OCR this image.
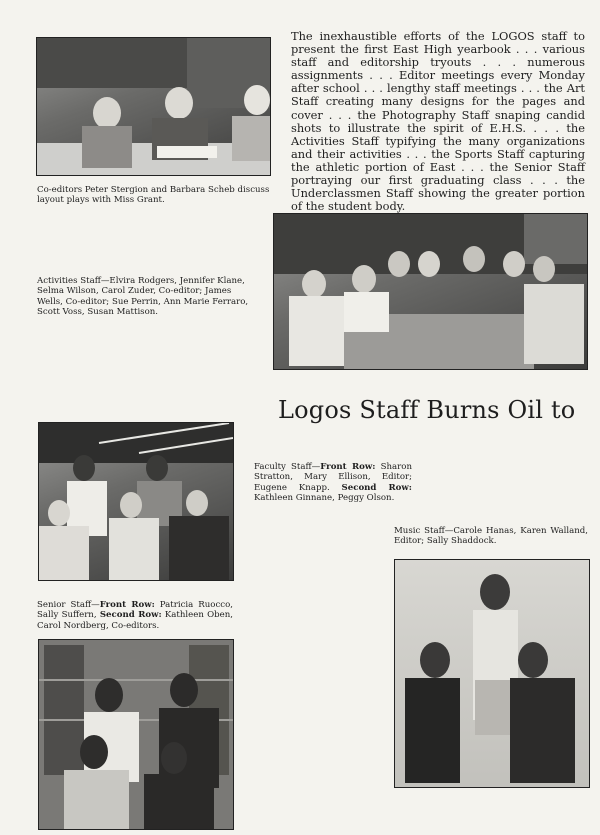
The inexhaustible efforts of the LOGOS staff to present the first East High yearbook . . . various staff and editorship tryouts . . . numerous assignments . . . Editor meetings every Monday after school . . . lengthy staff meetings . . . the Art Staff creating many designs for the pages and cover . . . the Photography Staff snaping candid shots to illustrate the spirit of E.H.S. . . . the Activities Staff typifying the many organizations and their activities . . . the Sports Staff capturing the athletic portion of East . . . the Senior Staff portraying our first graduating class . . . the Underclassmen Staff showing the greater portion of the student body.
Co-editors Peter Stergion and Barbara Scheb discuss layout plays with Miss Grant.
Activities Staff—Elvira Rodgers, Jennifer Klane, Selma Wilson, Carol Zuder, Co-editor; James Wells, Co-editor; Sue Perrin, Ann Marie Ferraro, Scott Voss, Susan Mattison.
Logos Staff Burns Oil to
Faculty Staff—Front Row: Sharon Stratton, Mary Ellison, Editor; Eugene Knapp. Second Row: Kathleen Ginnane, Peggy Olson.
Music Staff—Carole Hanas, Karen Walland, Editor; Sally Shaddock.
Senior Staff—Front Row: Patricia Ruocco, Sally Suffern, Second Row: Kathleen Oben, Carol Nordberg, Co-editors.
